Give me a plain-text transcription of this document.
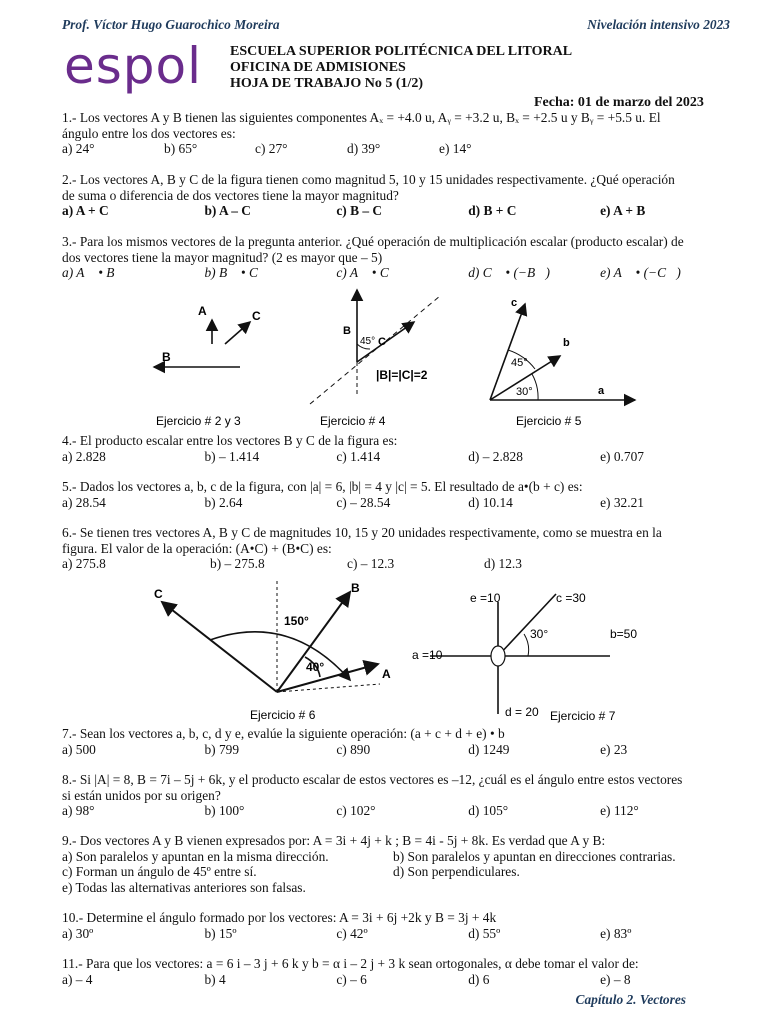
Prof. Víctor Hugo Guarochico Moreira	Nivelación intensivo 2023
espol ESCUELA SUPERIOR POLITÉCNICA DEL LITORAL
OFICINA DE ADMISIONES
HOJA DE TRABAJO No 5 (1/2)
Fecha: 01 de marzo del 2023
1.- Los vectores A y B tienen las siguientes componentes Aₓ = +4.0 u, Aᵧ = +3.2 u, Bₓ = +2.5 u y Bᵧ = +5.5 u. El
ángulo entre los dos vectores es:
a) 24°	b) 65°	c) 27°	d) 39°	e) 14°
2.- Los vectores A, B y C de la figura tienen como magnitud 5, 10 y 15 unidades respectivamente. ¿Qué operación
de suma o diferencia de dos vectores tiene la mayor magnitud?
a) A + C	b) A – C	c) B – C	d) B + C	e) A + B
3.- Para los mismos vectores de la pregunta anterior. ¿Qué operación de multiplicación escalar (producto escalar) de
dos vectores tiene la mayor magnitud? (2 es mayor que – 5)
a) A⃗ • B⃗	b) B⃗ • C⃗	c) A⃗ • C⃗	d) C⃗ • (−B⃗)	e) A⃗ • (−C⃗)
A
B
C
Ejercicio # 2 y 3
B
C
45°
|B|=|C|=2
Ejercicio # 4
c
b
a
45°
30°
Ejercicio # 5
4.- El producto escalar entre los vectores B y C de la figura es:
a) 2.828	b) – 1.414	c) 1.414	d) – 2.828	e) 0.707
5.- Dados los vectores a, b, c de la figura, con |a| = 6, |b| = 4 y |c| = 5. El resultado de a•(b + c) es:
a) 28.54	b) 2.64	c) – 28.54	d) 10.14	e) 32.21
6.- Se tienen tres vectores A, B y C de magnitudes 10, 15 y 20 unidades respectivamente, como se muestra en la
figura. El valor de la operación: (A•C) + (B•C) es:
a) 275.8	b) – 275.8	c) – 12.3	d) 12.3
C	B
A
150°
40°
Ejercicio # 6
e =10	c =30
30°	b=50
a =10
d = 20 Ejercicio # 7
7.- Sean los vectores a, b, c, d y e, evalúe la siguiente operación: (a + c + d + e) • b
a) 500	b) 799	c) 890	d) 1249	e) 23
8.- Si |A| = 8, B = 7i – 5j + 6k, y el producto escalar de estos vectores es –12, ¿cuál es el ángulo entre estos vectores
si están unidos por su origen?
a) 98°	b) 100°	c) 102°	d) 105°	e) 112°
9.- Dos vectores A y B vienen expresados por: A = 3i + 4j + k ; B = 4i - 5j + 8k. Es verdad que A y B:
a) Son paralelos y apuntan en la misma dirección.	b) Son paralelos y apuntan en direcciones contrarias.
c) Forman un ángulo de 45º entre sí.	d) Son perpendiculares.
e) Todas las alternativas anteriores son falsas.
10.- Determine el ángulo formado por los vectores: A = 3i + 6j +2k y B = 3j + 4k
a) 30º	b) 15º	c) 42º	d) 55º	e) 83º
11.- Para que los vectores: a = 6 i – 3 j + 6 k y b = α i – 2 j + 3 k sean ortogonales, α debe tomar el valor de:
a) – 4	b) 4	c) – 6	d) 6	e) – 8
Capítulo 2. Vectores
